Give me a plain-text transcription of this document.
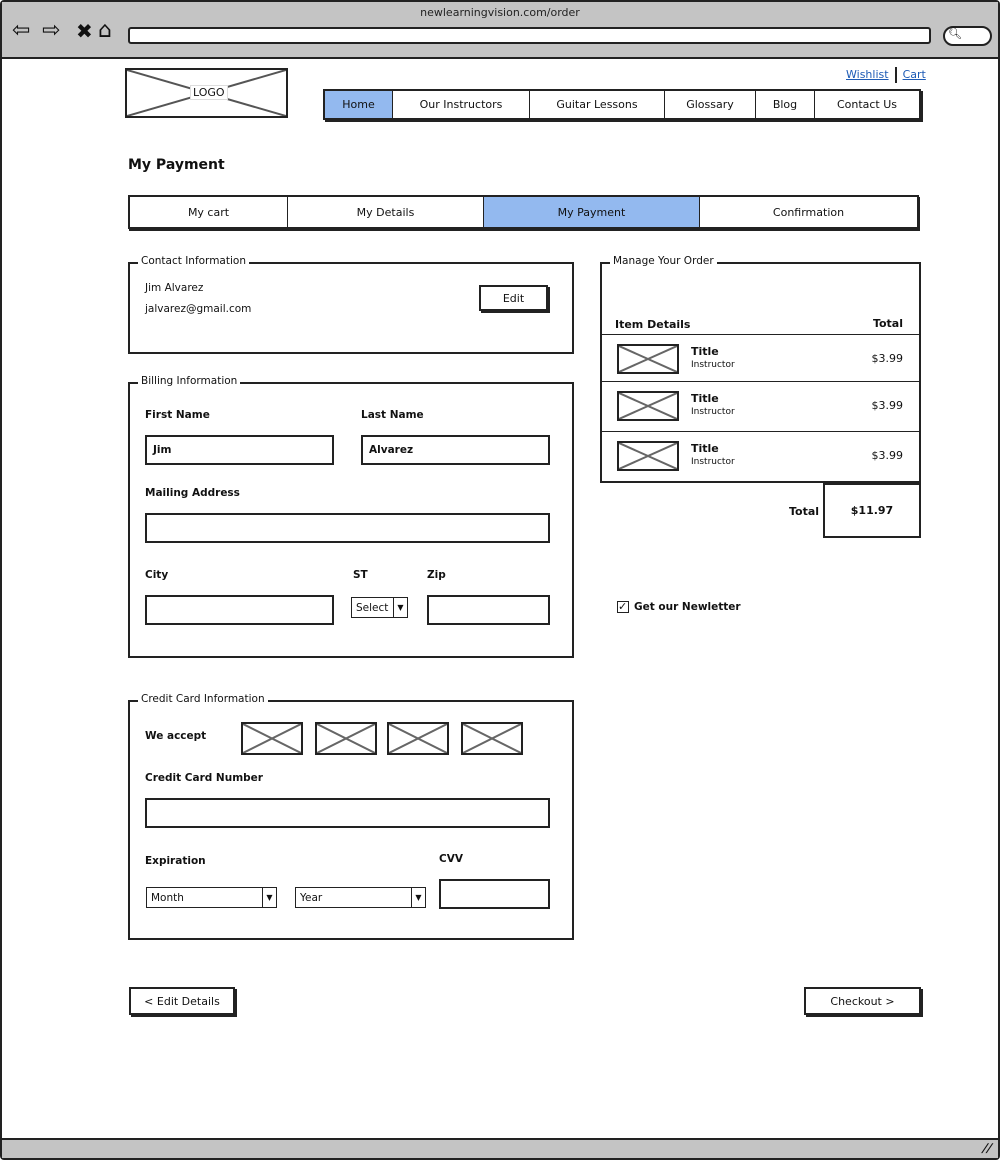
newlearningvision.com/order
⇦ ⇨ ✖ ⌂	🔍︎
//
LOGO
Wishlist Cart
Home	Our Instructors	Guitar Lessons	Glossary	Blog	Contact Us
My Payment
My cart	My Details	My Payment	Confirmation
Contact Information
Jim Alvarez
jalvarez@gmail.com
Edit
Billing Information
First Name
Jim
Last Name
Alvarez
Mailing Address
City	ST
Select	▼
Zip
Credit Card Information
We accept
Credit Card Number
Expiration
Month	▼	Year	▼
CVV
Manage Your Order
Item Details	Total
Title
Instructor	$3.99
Title
Instructor	$3.99
Title
Instructor	$3.99
Total	$11.97
✓ Get our Newletter
< Edit Details	Checkout >
